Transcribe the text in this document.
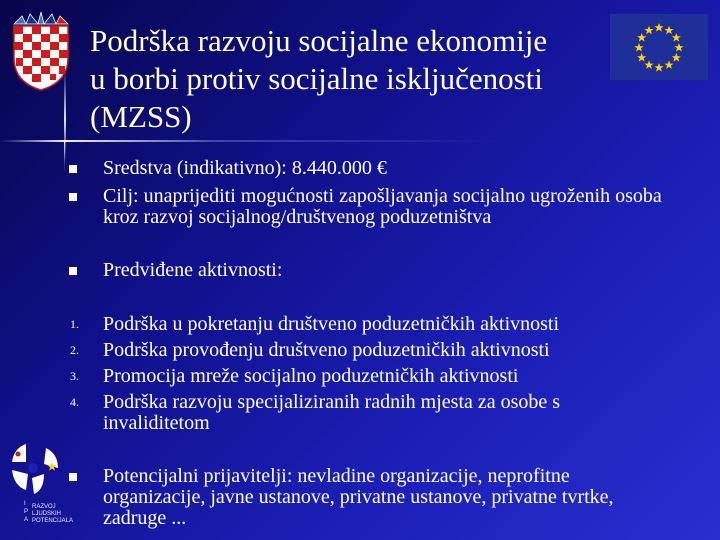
Podrška razvoju socijalne ekonomije
u borbi protiv socijalne isključenosti
(MZSS)
Sredstva (indikativno): 8.440.000 €
Cilj: unaprijediti mogućnosti zapošljavanja socijalno ugroženih osoba kroz razvoj socijalnog/društvenog poduzetništva
Predviđene aktivnosti:
1.	Podrška u pokretanju društveno poduzetničkih aktivnosti
2.	Podrška provođenju društveno poduzetničkih aktivnosti
3.	Promocija mreže socijalno poduzetničkih aktivnosti
4.	Podrška razvoju specijaliziranih radnih mjesta za osobe s invaliditetom
Potencijalni prijavitelji: nevladine organizacije, neprofitne organizacije, javne ustanove, privatne ustanove, privatne tvrtke, zadruge ...
I
P
A
RAZVOJ
LJUDSKIH
POTENCIJALA
